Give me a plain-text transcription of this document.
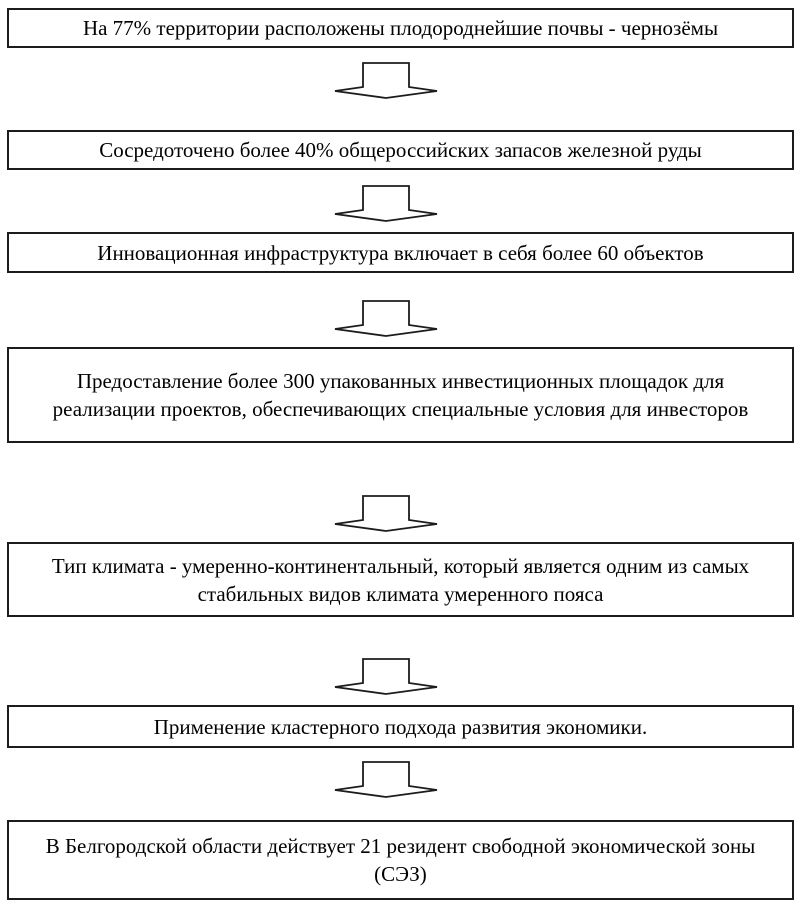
На 77% территории расположены плодороднейшие почвы - чернозёмы
Сосредоточено более 40% общероссийских запасов железной руды
Инновационная инфраструктура включает в себя более 60 объектов
Предоставление более 300 упакованных инвестиционных площадок для реализации проектов, обеспечивающих специальные условия для инвесторов
Тип климата - умеренно-континентальный, который является одним из самых стабильных видов климата умеренного пояса
Применение кластерного подхода развития экономики.
В Белгородской области действует 21 резидент свободной экономической зоны (СЭЗ)
